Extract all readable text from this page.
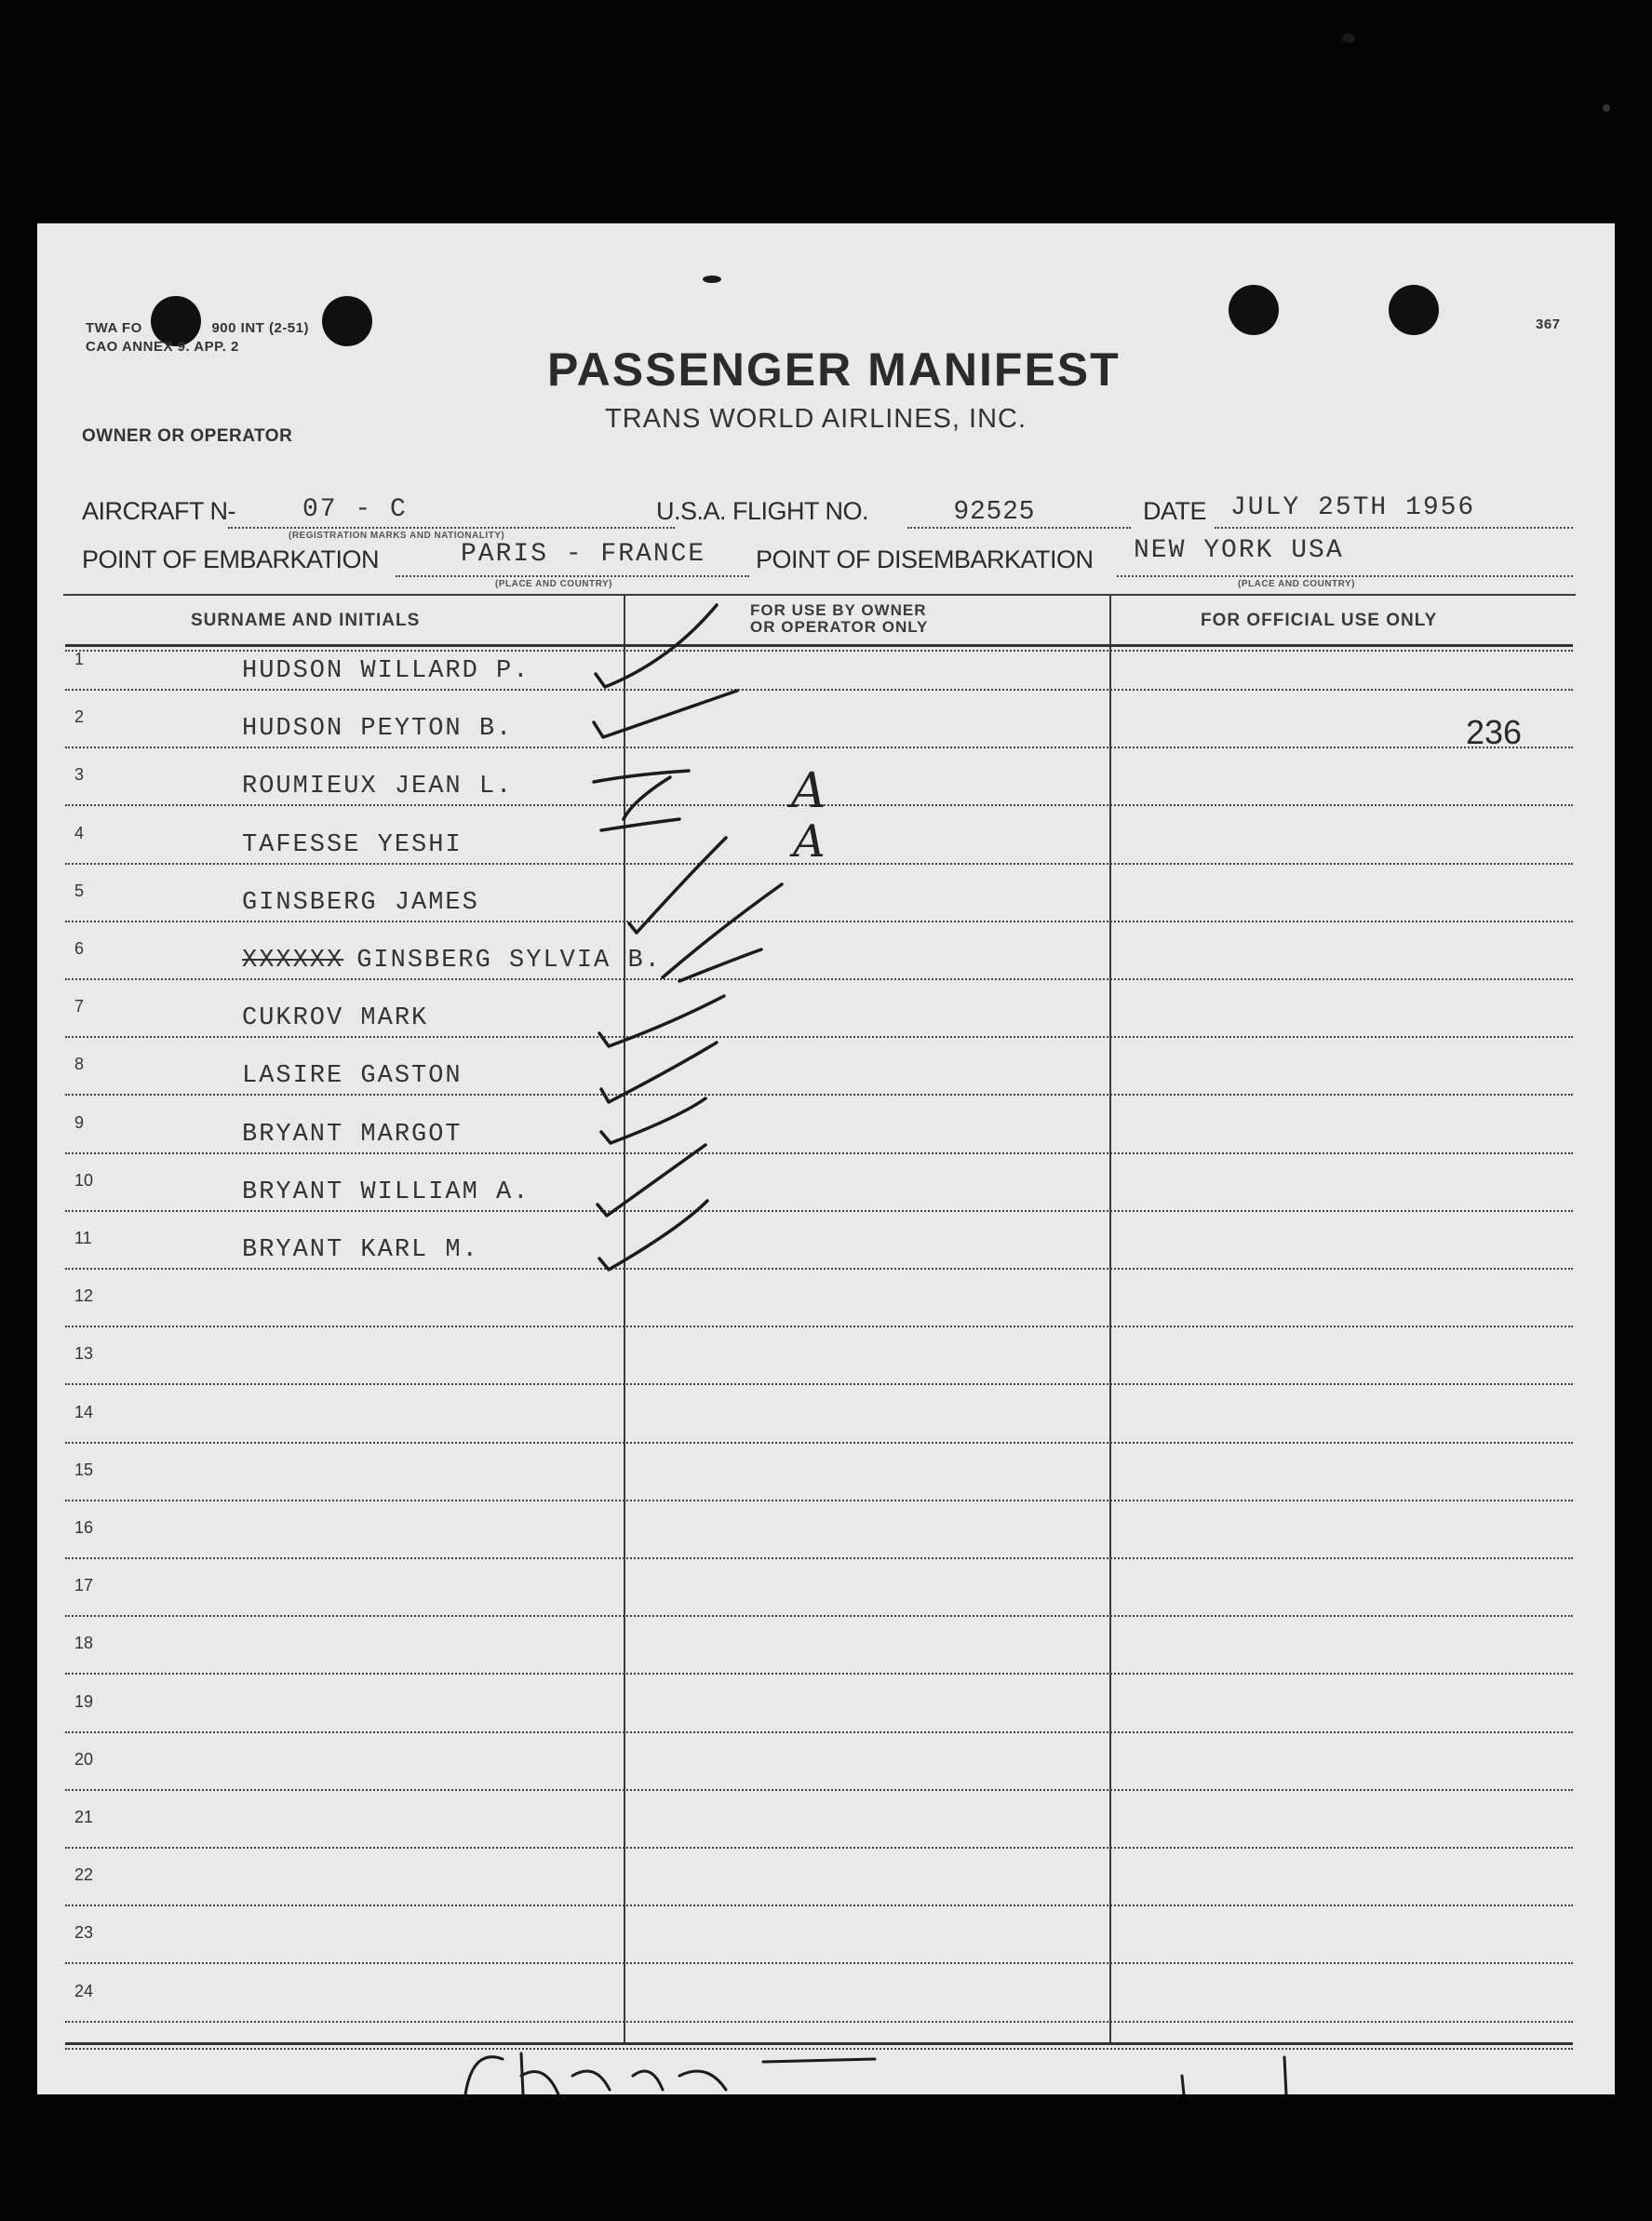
TWA FO	900 INT (2-51)
CAO ANNEX 9. APP. 2
367
PASSENGER MANIFEST
TRANS WORLD AIRLINES, INC.
OWNER OR OPERATOR
AIRCRAFT N-	07 - C
(REGISTRATION MARKS AND NATIONALITY)
U.S.A. FLIGHT NO.	92525	DATE JULY 25TH 1956
POINT OF EMBARKATION	PARIS - FRANCE
(PLACE AND COUNTRY)
POINT OF DISEMBARKATION NEW YORK USA
(PLACE AND COUNTRY)
SURNAME AND INITIALS
FOR USE BY OWNER
OR OPERATOR ONLY	FOR OFFICIAL USE ONLY
1	HUDSON WILLARD P.
2	HUDSON PEYTON B.
3	ROUMIEUX JEAN L.
4	TAFESSE YESHI
5	GINSBERG JAMES
6	XXXXXX GINSBERG SYLVIA B.
7	CUKROV MARK
8	LASIRE GASTON
9	BRYANT MARGOT
10	BRYANT WILLIAM A.
11	BRYANT KARL M.
12
13
14
15
16
17
18
19
20
21
22
23
24
236
A
A
